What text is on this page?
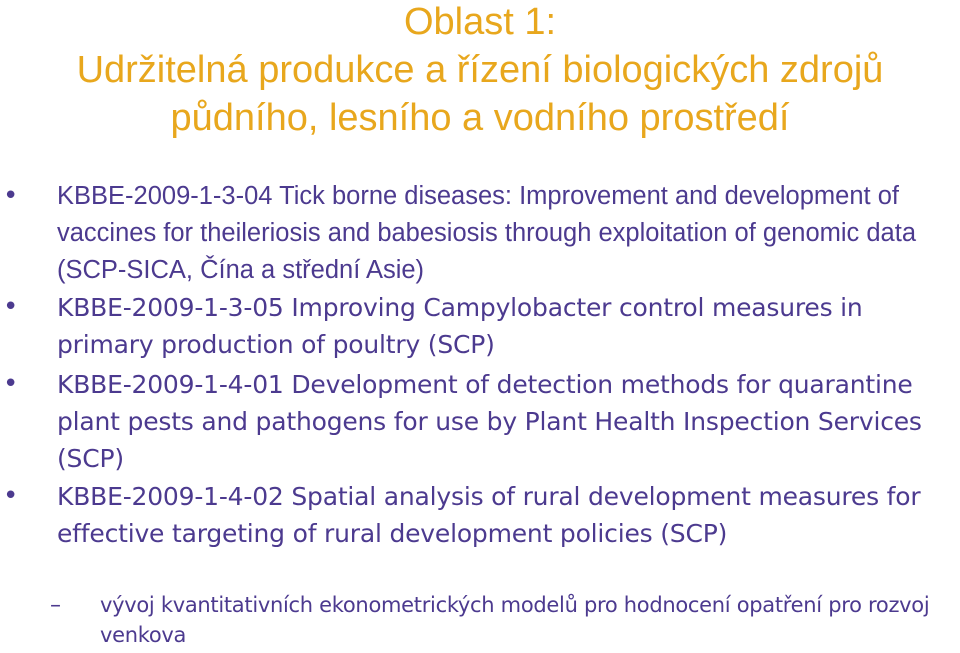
Oblast 1:
Udržitelná produkce a řízení biologických zdrojů
půdního, lesního a vodního prostředí
• KBBE-2009-1-3-04 Tick borne diseases: Improvement and development of vaccines for theileriosis and babesiosis through exploitation of genomic data (SCP-SICA, Čína a střední Asie)
• KBBE-2009-1-3-05 Improving Campylobacter control measures in primary production of poultry (SCP)
• KBBE-2009-1-4-01 Development of detection methods for quarantine plant pests and pathogens for use by Plant Health Inspection Services (SCP)
• KBBE-2009-1-4-02 Spatial analysis of rural development measures for effective targeting of rural development policies (SCP)
– vývoj kvantitativních ekonometrických modelů pro hodnocení opatření pro rozvoj venkova
